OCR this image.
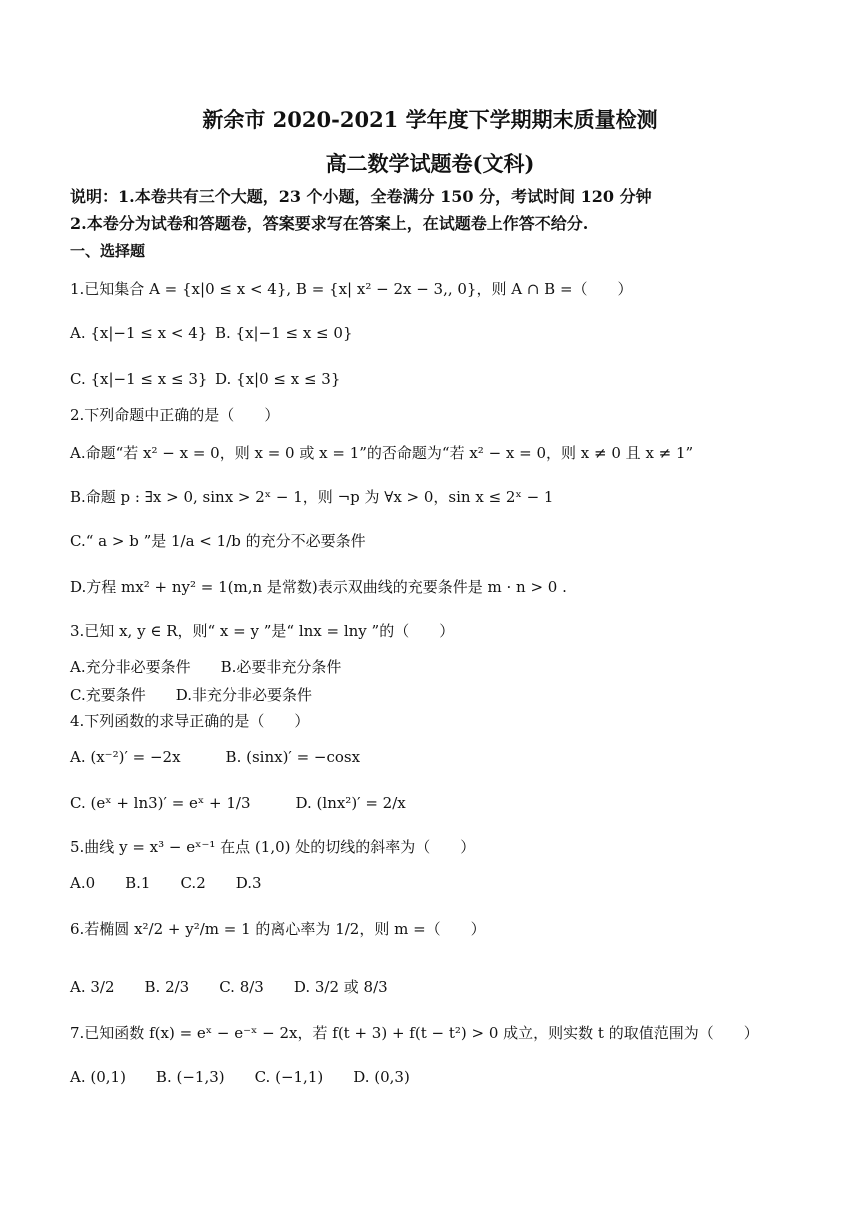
新余市 2020-2021 学年度下学期期末质量检测
高二数学试题卷(文科)
说明：1.本卷共有三个大题，23 个小题，全卷满分 150 分，考试时间 120 分钟
2.本卷分为试卷和答题卷，答案要求写在答案上，在试题卷上作答不给分.
一、选择题
1.已知集合 A = {x|0 ≤ x < 4}, B = {x| x² − 2x − 3,, 0}，则 A ∩ B =（　　）
A. {x|−1 ≤ x < 4} B. {x|−1 ≤ x ≤ 0}
C. {x|−1 ≤ x ≤ 3} D. {x|0 ≤ x ≤ 3}
2.下列命题中正确的是（　　）
A.命题“若 x² − x = 0，则 x = 0 或 x = 1”的否命题为“若 x² − x = 0，则 x ≠ 0 且 x ≠ 1”
B.命题 p : ∃x > 0, sinx > 2ˣ − 1，则 ¬p 为 ∀x > 0，sin x ≤ 2ˣ − 1
C.“ a > b ”是 1/a < 1/b 的充分不必要条件
D.方程 mx² + ny² = 1(m,n 是常数)表示双曲线的充要条件是 m · n > 0 .
3.已知 x, y ∈ R，则“ x = y ”是“ lnx = lny ”的（　　）
A.充分非必要条件　　B.必要非充分条件
C.充要条件　　D.非充分非必要条件
4.下列函数的求导正确的是（　　）
A. (x⁻²)′ = −2x　　　B. (sinx)′ = −cosx
C. (eˣ + ln3)′ = eˣ + 1/3　　　D. (lnx²)′ = 2/x
5.曲线 y = x³ − eˣ⁻¹ 在点 (1,0) 处的切线的斜率为（　　）
A.0　　B.1　　C.2　　D.3
6.若椭圆 x²/2 + y²/m = 1 的离心率为 1/2，则 m =（　　）
A. 3/2　　B. 2/3　　C. 8/3　　D. 3/2 或 8/3
7.已知函数 f(x) = eˣ − e⁻ˣ − 2x，若 f(t + 3) + f(t − t²) > 0 成立，则实数 t 的取值范围为（　　）
A. (0,1)　　B. (−1,3)　　C. (−1,1)　　D. (0,3)
